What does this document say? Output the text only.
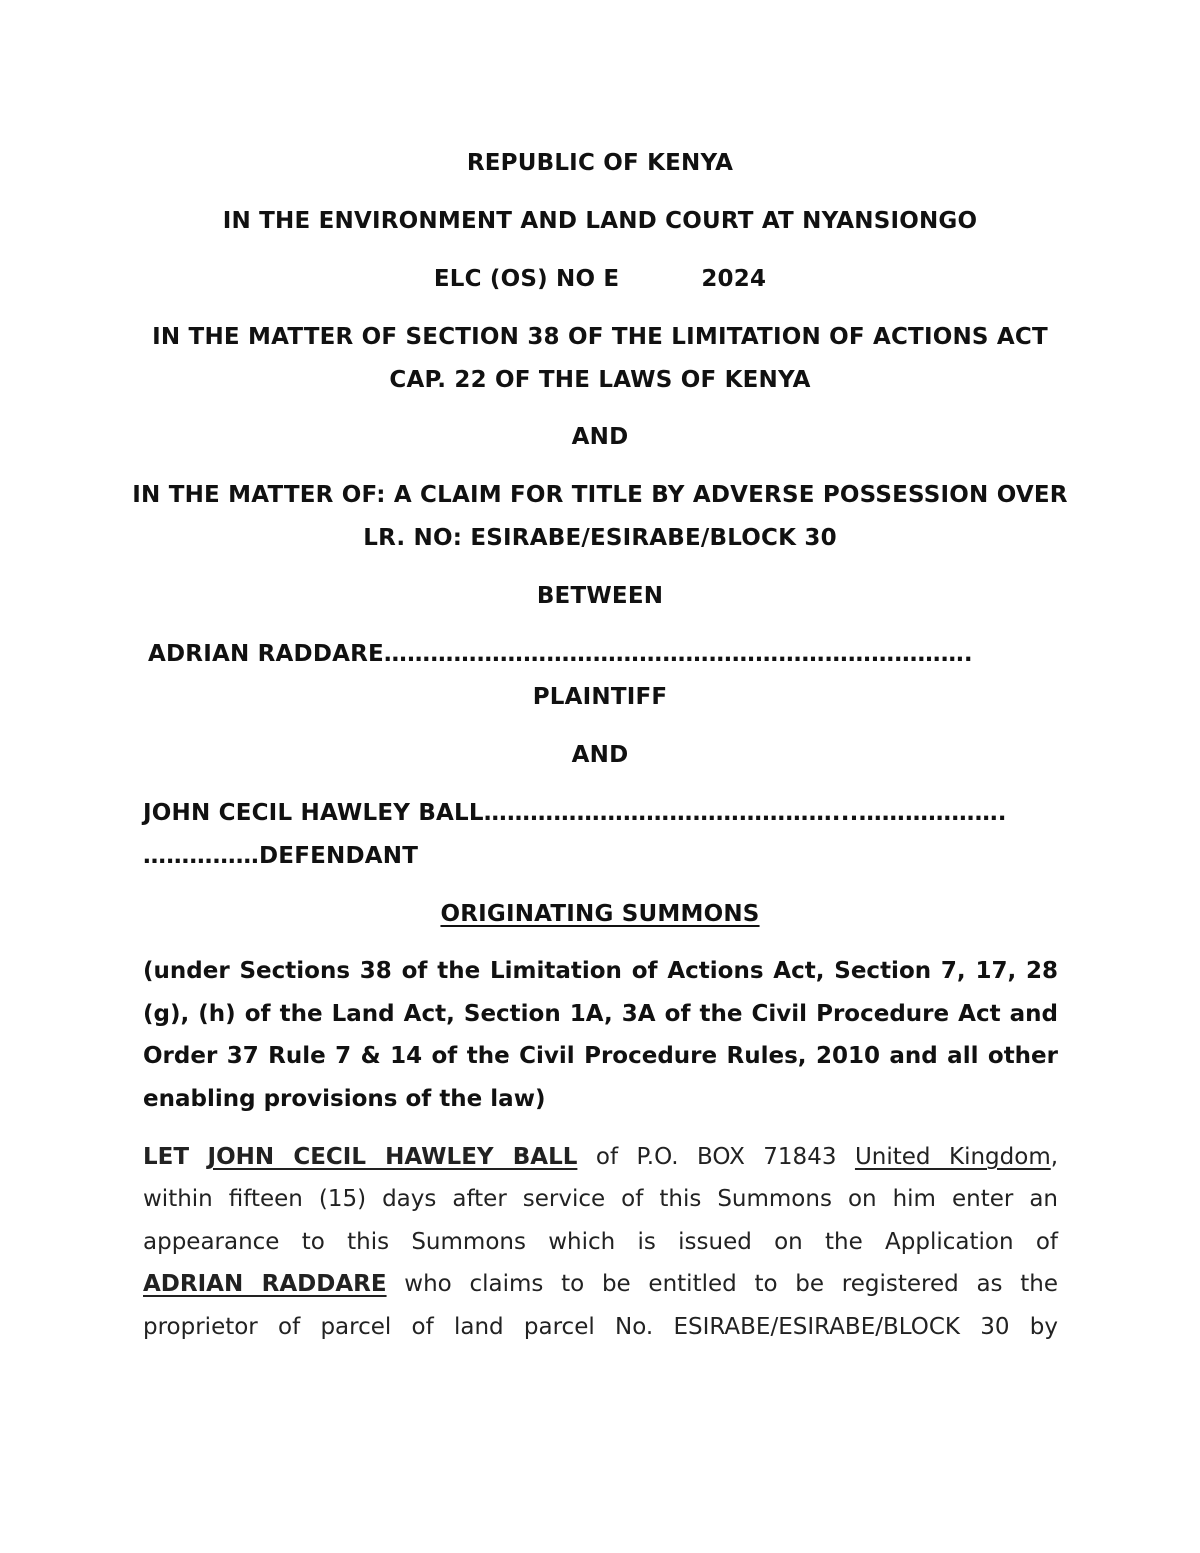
REPUBLIC OF KENYA
IN THE ENVIRONMENT AND LAND COURT AT NYANSIONGO
ELC (OS) NO E	2024
IN THE MATTER OF SECTION 38 OF THE LIMITATION OF ACTIONS ACT
CAP. 22 OF THE LAWS OF KENYA
AND
IN THE MATTER OF: A CLAIM FOR TITLE BY ADVERSE POSSESSION OVER
LR. NO: ESIRABE/ESIRABE/BLOCK 30
BETWEEN
ADRIAN RADDARE………………………………………………………………….
PLAINTIFF
AND
JOHN CECIL HAWLEY BALL………………………………………...……………….
……………DEFENDANT
ORIGINATING SUMMONS
(under Sections 38 of the Limitation of Actions Act, Section 7, 17, 28
(g), (h) of the Land Act, Section 1A, 3A of the Civil Procedure Act and
Order 37 Rule 7 & 14 of the Civil Procedure Rules, 2010 and all other
enabling provisions of the law)
LET JOHN CECIL HAWLEY BALL of P.O. BOX 71843 United Kingdom,
within fifteen (15) days after service of this Summons on him enter an
appearance to this Summons which is issued on the Application of
ADRIAN RADDARE who claims to be entitled to be registered as the
proprietor of parcel of land parcel No. ESIRABE/ESIRABE/BLOCK 30 by
